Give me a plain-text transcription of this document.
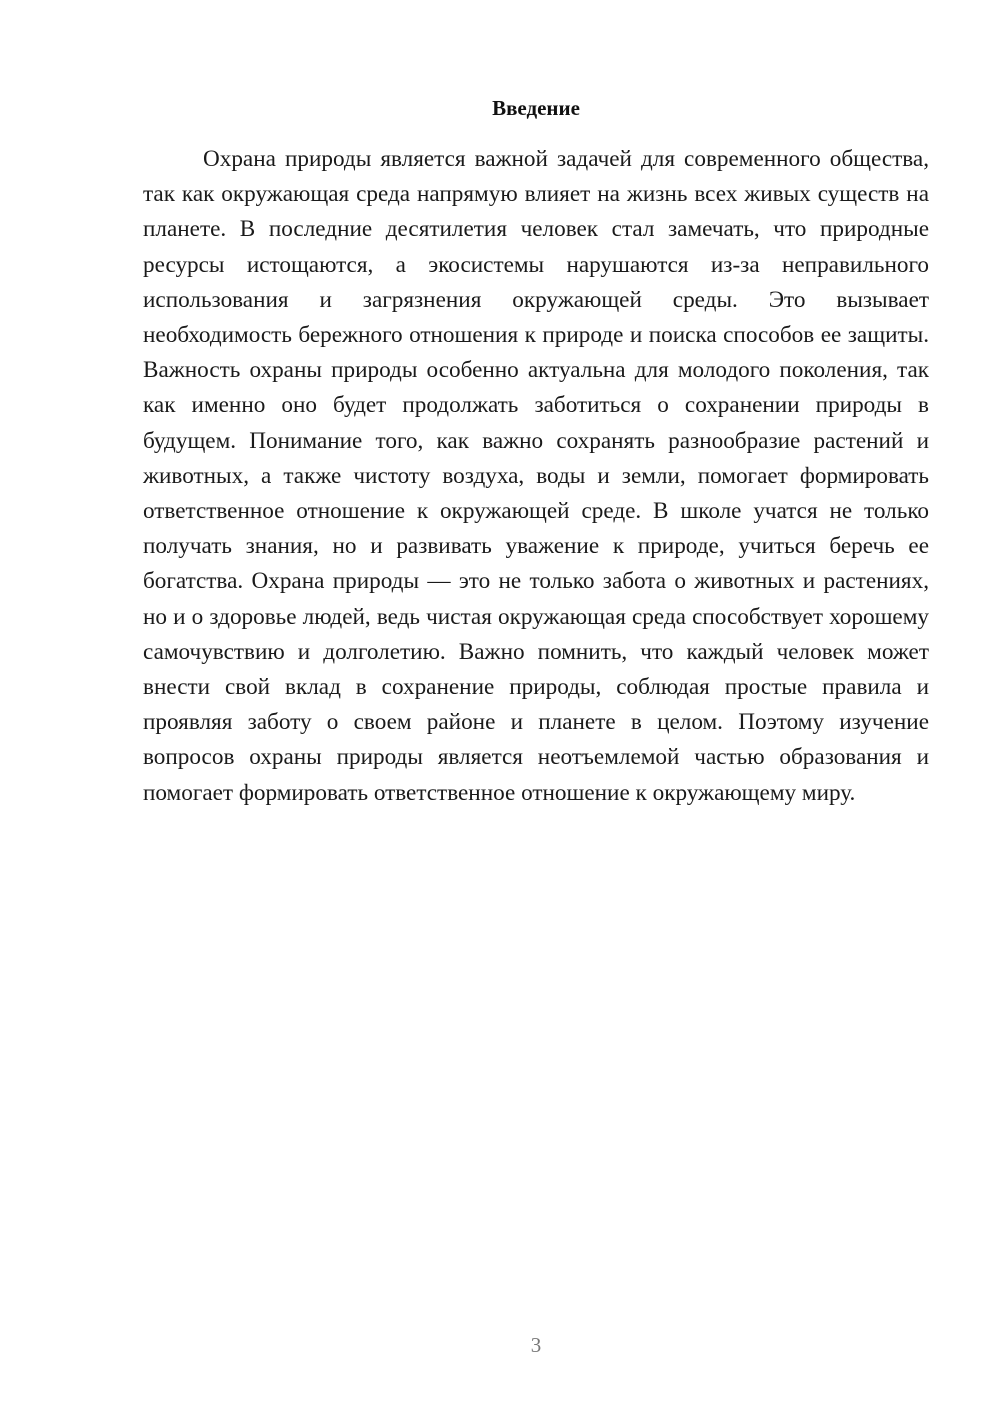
Введение

Охрана природы является важной задачей для современного общества, так как окружающая среда напрямую влияет на жизнь всех живых существ на планете. В последние десятилетия человек стал замечать, что природные ресурсы истощаются, а экосистемы нарушаются из-за неправильного использования и загрязнения окружающей среды. Это вызывает необходимость бережного отношения к природе и поиска способов ее защиты. Важность охраны природы особенно актуальна для молодого поколения, так как именно оно будет продолжать заботиться о сохранении природы в будущем. Понимание того, как важно сохранять разнообразие растений и животных, а также чистоту воздуха, воды и земли, помогает формировать ответственное отношение к окружающей среде. В школе учатся не только получать знания, но и развивать уважение к природе, учиться беречь ее богатства. Охрана природы — это не только забота о животных и растениях, но и о здоровье людей, ведь чистая окружающая среда способствует хорошему самочувствию и долголетию. Важно помнить, что каждый человек может внести свой вклад в сохранение природы, соблюдая простые правила и проявляя заботу о своем районе и планете в целом. Поэтому изучение вопросов охраны природы является неотъемлемой частью образования и помогает формировать ответственное отношение к окружающему миру.

3
